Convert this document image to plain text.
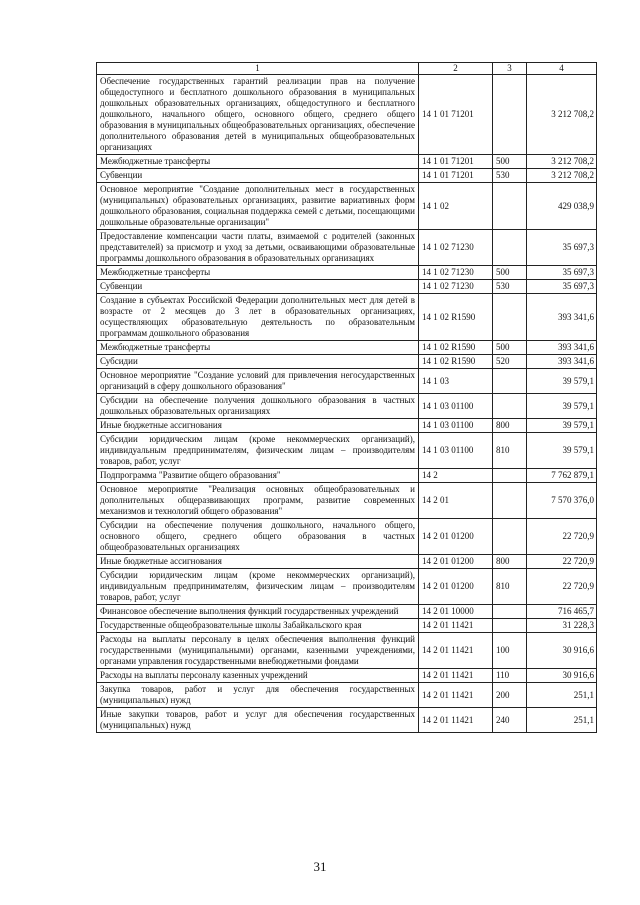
1	2	3	4
Обеспечение государственных гарантий реализации прав на получение общедоступного и бесплатного дошкольного образования в муниципальных дошкольных образовательных организациях, общедоступного и бесплатного дошкольного, начального общего, основного общего, среднего общего образования в муниципальных общеобразовательных организациях, обеспечение дополнительного образования детей в муниципальных общеобразовательных организациях	14 1 01 71201		3 212 708,2
Межбюджетные трансферты	14 1 01 71201	500	3 212 708,2
Субвенции	14 1 01 71201	530	3 212 708,2
Основное мероприятие "Создание дополнительных мест в государственных (муниципальных) образовательных организациях, развитие вариативных форм дошкольного образования, социальная поддержка семей с детьми, посещающими дошкольные образовательные организации"	14 1 02		429 038,9
Предоставление компенсации части платы, взимаемой с родителей (законных представителей) за присмотр и уход за детьми, осваивающими образовательные программы дошкольного образования в образовательных организациях	14 1 02 71230		35 697,3
Межбюджетные трансферты	14 1 02 71230	500	35 697,3
Субвенции	14 1 02 71230	530	35 697,3
Создание в субъектах Российской Федерации дополнительных мест для детей в возрасте от 2 месяцев до 3 лет в образовательных организациях, осуществляющих образовательную деятельность по образовательным программам дошкольного образования	14 1 02 R1590		393 341,6
Межбюджетные трансферты	14 1 02 R1590	500	393 341,6
Субсидии	14 1 02 R1590	520	393 341,6
Основное мероприятие "Создание условий для привлечения негосударственных организаций в сферу дошкольного образования"	14 1 03		39 579,1
Субсидии на обеспечение получения дошкольного образования в частных дошкольных образовательных организациях	14 1 03 01100		39 579,1
Иные бюджетные ассигнования	14 1 03 01100	800	39 579,1
Субсидии юридическим лицам (кроме некоммерческих организаций), индивидуальным предпринимателям, физическим лицам – производителям товаров, работ, услуг	14 1 03 01100	810	39 579,1
Подпрограмма "Развитие общего образования"	14 2		7 762 879,1
Основное мероприятие "Реализация основных общеобразовательных и дополнительных общеразвивающих программ, развитие современных механизмов и технологий общего образования"	14 2 01		7 570 376,0
Субсидии на обеспечение получения дошкольного, начального общего, основного общего, среднего общего образования в частных общеобразовательных организациях	14 2 01 01200		22 720,9
Иные бюджетные ассигнования	14 2 01 01200	800	22 720,9
Субсидии юридическим лицам (кроме некоммерческих организаций), индивидуальным предпринимателям, физическим лицам – производителям товаров, работ, услуг	14 2 01 01200	810	22 720,9
Финансовое обеспечение выполнения функций государственных учреждений	14 2 01 10000		716 465,7
Государственные общеобразовательные школы Забайкальского края	14 2 01 11421		31 228,3
Расходы на выплаты персоналу в целях обеспечения выполнения функций государственными (муниципальными) органами, казенными учреждениями, органами управления государственными внебюджетными фондами	14 2 01 11421	100	30 916,6
Расходы на выплаты персоналу казенных учреждений	14 2 01 11421	110	30 916,6
Закупка товаров, работ и услуг для обеспечения государственных (муниципальных) нужд	14 2 01 11421	200	251,1
Иные закупки товаров, работ и услуг для обеспечения государственных (муниципальных) нужд	14 2 01 11421	240	251,1
31
